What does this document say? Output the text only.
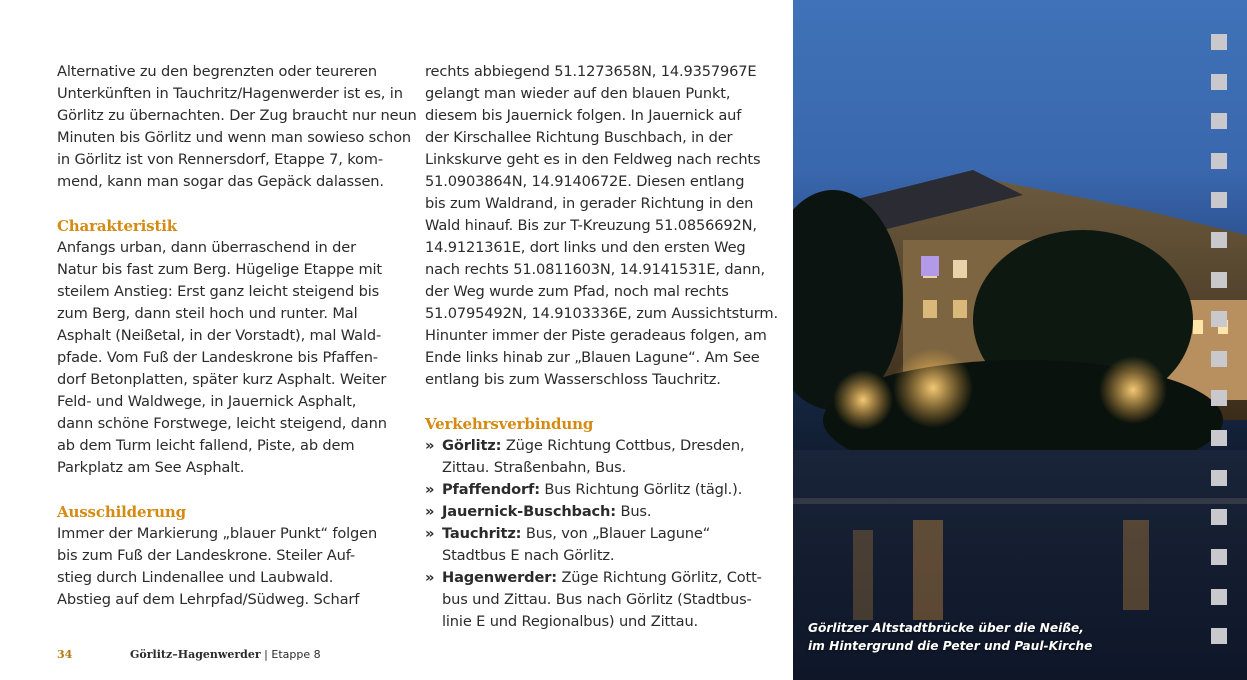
Alternative zu den begrenzten oder teureren
Unterkünften in Tauchritz/Hagenwerder ist es, in
Görlitz zu übernachten. Der Zug braucht nur neun
Minuten bis Görlitz und wenn man sowieso schon
in Görlitz ist von Rennersdorf, Etappe 7, kom-
mend, kann man sogar das Gepäck dalassen.
Charakteristik
Anfangs urban, dann überraschend in der
Natur bis fast zum Berg. Hügelige Etappe mit
steilem Anstieg: Erst ganz leicht steigend bis
zum Berg, dann steil hoch und runter. Mal
Asphalt (Neißetal, in der Vorstadt), mal Wald-
pfade. Vom Fuß der Landeskrone bis Pfaffen-
dorf Betonplatten, später kurz Asphalt. Weiter
Feld- und Waldwege, in Jauernick Asphalt,
dann schöne Forstwege, leicht steigend, dann
ab dem Turm leicht fallend, Piste, ab dem
Parkplatz am See Asphalt.
Ausschilderung
Immer der Markierung „blauer Punkt“ folgen
bis zum Fuß der Landeskrone. Steiler Auf-
stieg durch Lindenallee und Laubwald.
Abstieg auf dem Lehrpfad/Südweg. Scharf
rechts abbiegend 51.1273658N, 14.9357967E
gelangt man wieder auf den blauen Punkt,
diesem bis Jauernick folgen. In Jauernick auf
der Kirschallee Richtung Buschbach, in der
Linkskurve geht es in den Feldweg nach rechts
51.0903864N, 14.9140672E. Diesen entlang
bis zum Waldrand, in gerader Richtung in den
Wald hinauf. Bis zur T-Kreuzung 51.0856692N,
14.9121361E, dort links und den ersten Weg
nach rechts 51.0811603N, 14.9141531E, dann,
der Weg wurde zum Pfad, noch mal rechts
51.0795492N, 14.9103336E, zum Aussichtsturm.
Hinunter immer der Piste geradeaus folgen, am
Ende links hinab zur „Blauen Lagune“. Am See
entlang bis zum Wasserschloss Tauchritz.
Verkehrsverbindung
» Görlitz: Züge Richtung Cottbus, Dresden,
Zittau. Straßenbahn, Bus.
» Pfaffendorf: Bus Richtung Görlitz (tägl.).
» Jauernick-Buschbach: Bus.
» Tauchritz: Bus, von „Blauer Lagune“
Stadtbus E nach Görlitz.
» Hagenwerder: Züge Richtung Görlitz, Cott-
bus und Zittau. Bus nach Görlitz (Stadtbus-
linie E und Regionalbus) und Zittau.
34	Görlitz–Hagenwerder | Etappe 8
Görlitzer Altstadtbrücke über die Neiße,
im Hintergrund die Peter und Paul-Kirche
